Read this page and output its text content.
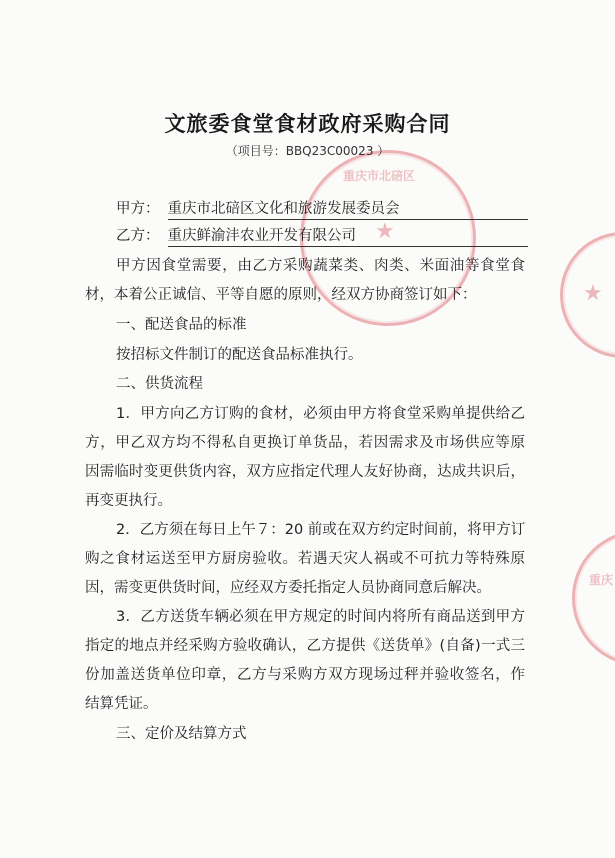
★
重庆市北碚区
★
重庆
文旅委食堂食材政府采购合同
（项目号：BBQ23C00023 ）
甲方： 重庆市北碚区文化和旅游发展委员会
乙方： 重庆鲜渝沣农业开发有限公司
甲方因食堂需要，由乙方采购蔬菜类、肉类、米面油等食堂食
材，本着公正诚信、平等自愿的原则，经双方协商签订如下：
一、配送食品的标准
按招标文件制订的配送食品标准执行。
二、供货流程
1．甲方向乙方订购的食材，必须由甲方将食堂采购单提供给乙
方，甲乙双方均不得私自更换订单货品，若因需求及市场供应等原
因需临时变更供货内容，双方应指定代理人友好协商，达成共识后，
再变更执行。
2．乙方须在每日上午７：20 前或在双方约定时间前，将甲方订
购之食材运送至甲方厨房验收。若遇天灾人祸或不可抗力等特殊原
因，需变更供货时间，应经双方委托指定人员协商同意后解决。
3．乙方送货车辆必须在甲方规定的时间内将所有商品送到甲方
指定的地点并经采购方验收确认，乙方提供《送货单》(自备)一式三
份加盖送货单位印章，乙方与采购方双方现场过秤并验收签名，作
结算凭证。
三、定价及结算方式
